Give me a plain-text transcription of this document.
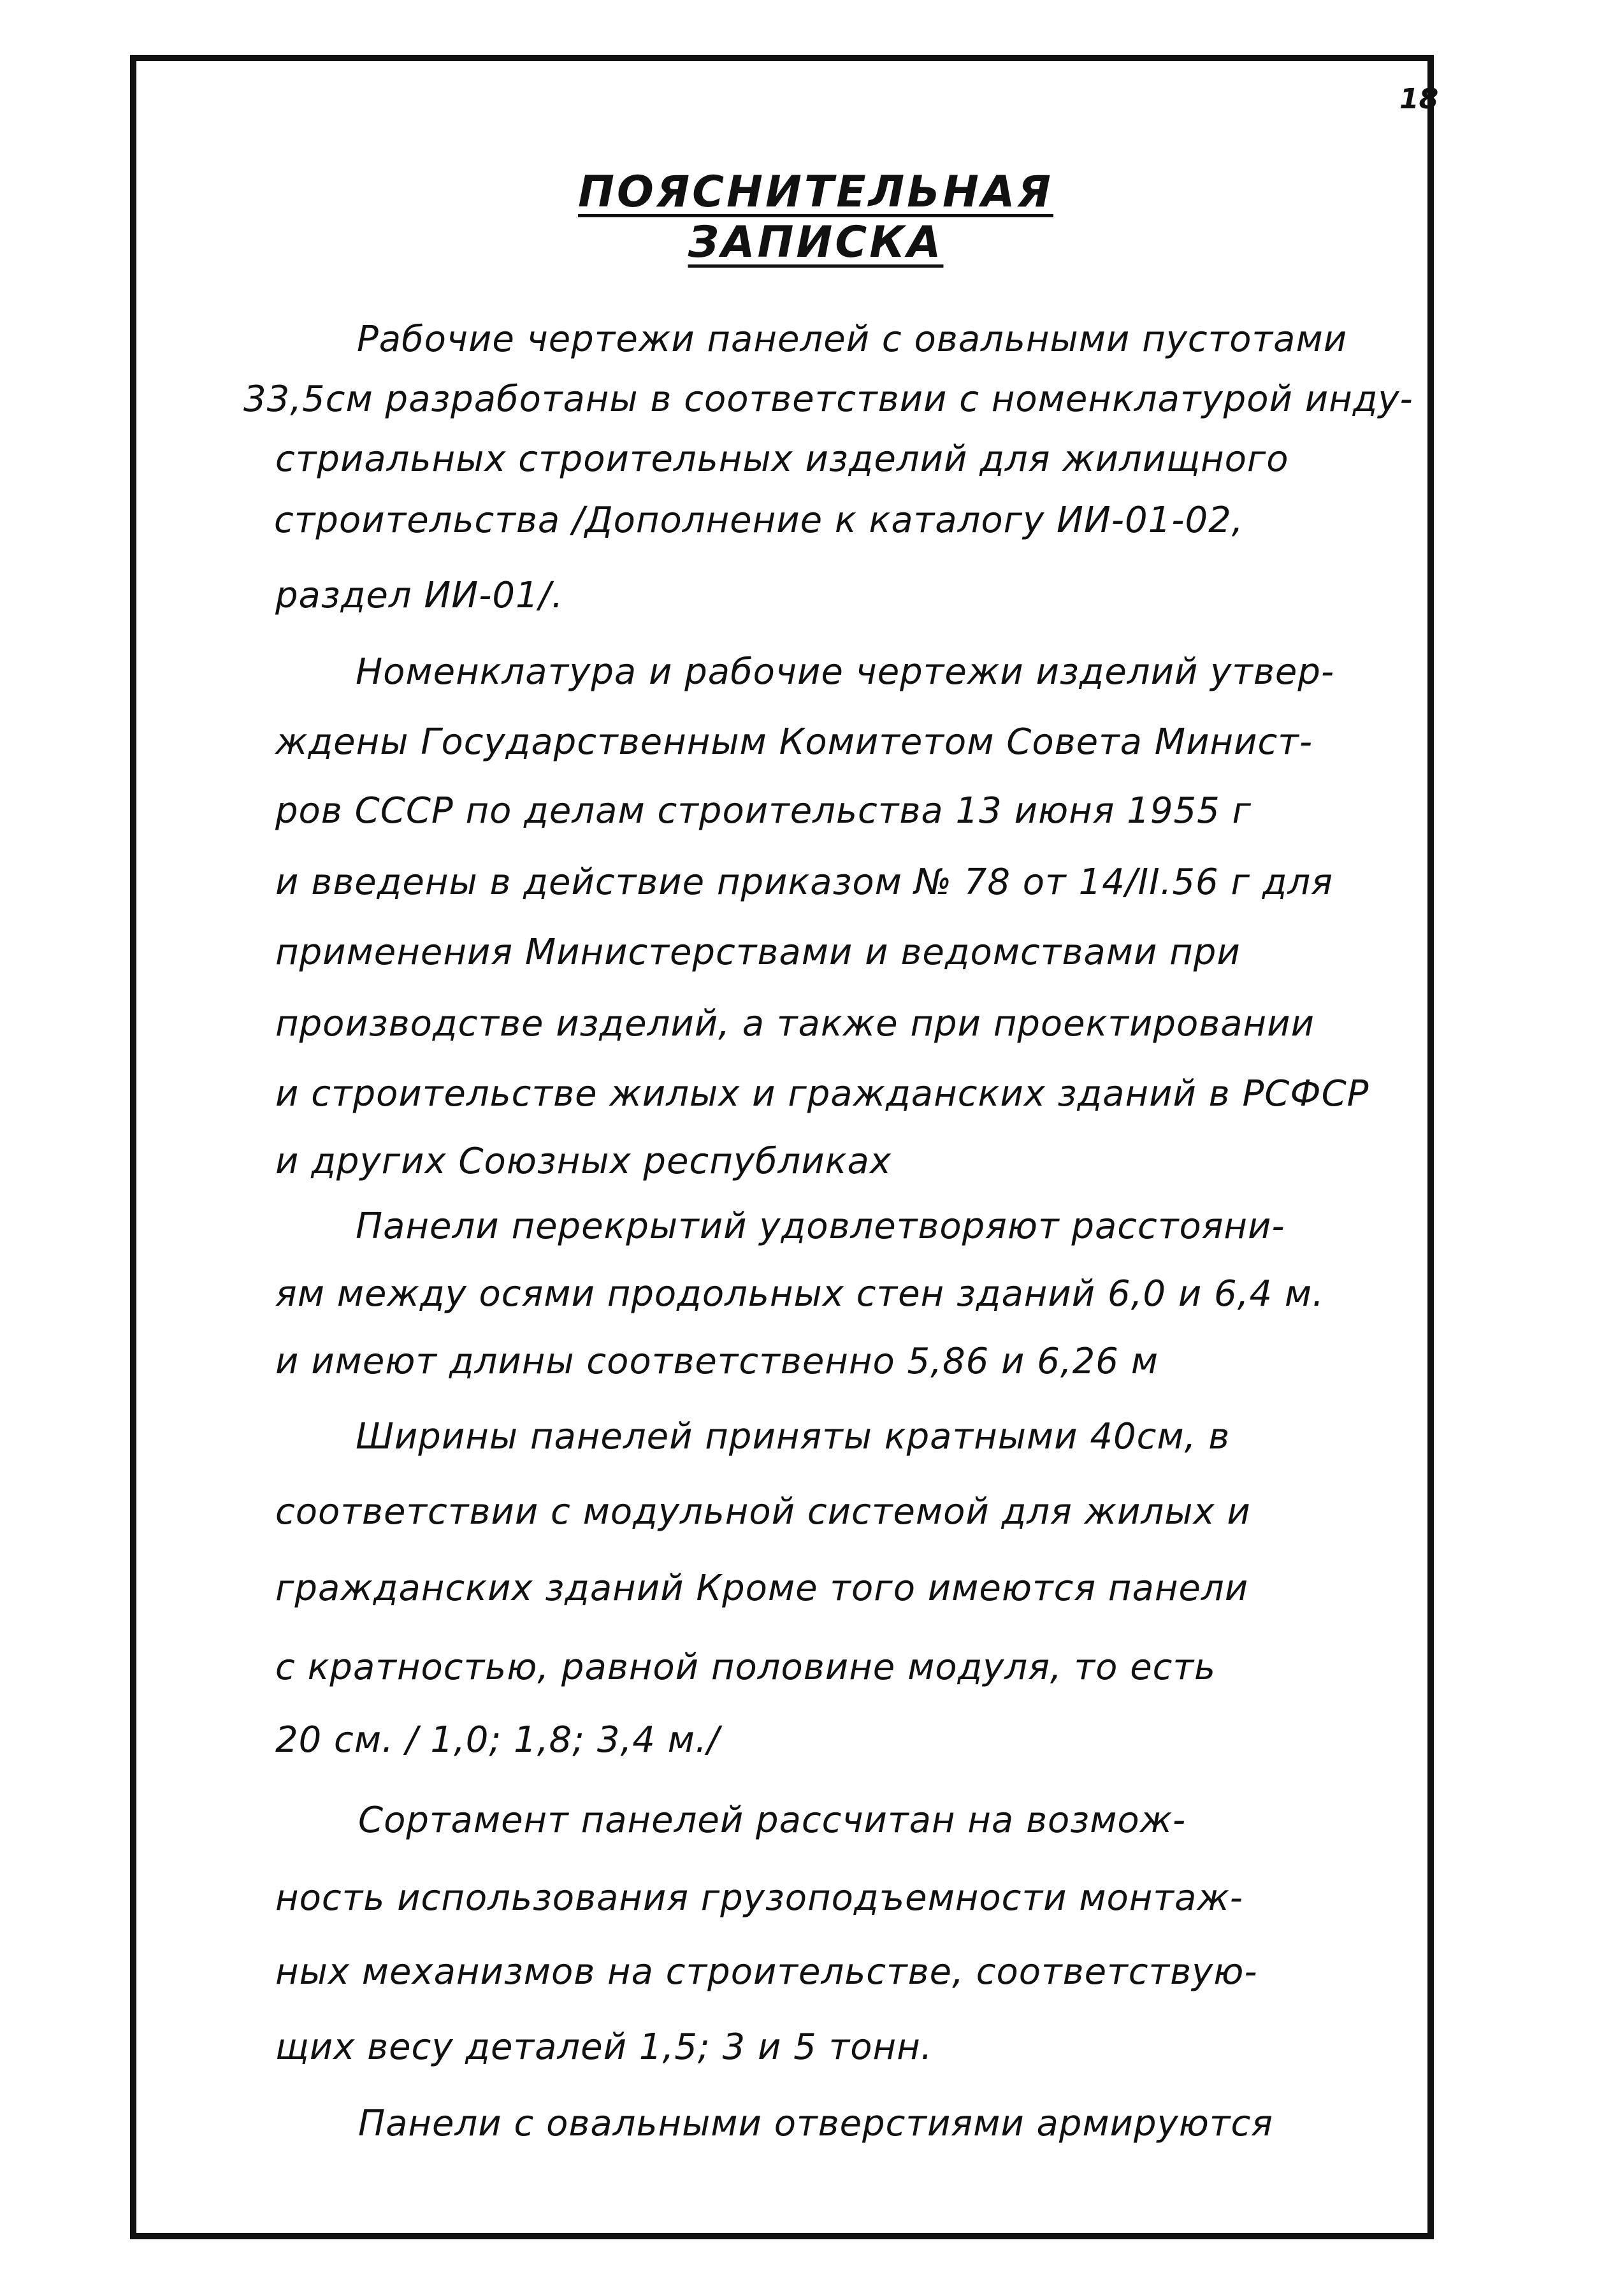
18
ПОЯСНИТЕЛЬНАЯ ЗАПИСКА
Рабочие чертежи панелей с овальными пустотами
33,5см разработаны в соответствии с номенклатурой инду-
стриальных строительных изделий для жилищного
строительства /Дополнение к каталогу ИИ-01-02,
раздел ИИ-01/.
Номенклатура и рабочие чертежи изделий утвер-
ждены Государственным Комитетом Совета Минист-
ров СССР по делам строительства 13 июня 1955 г
и введены в действие приказом № 78 от 14/II.56 г для
применения Министерствами и ведомствами при
производстве изделий, а также при проектировании
и строительстве жилых и гражданских зданий в РСФСР
и других Союзных республиках
Панели перекрытий удовлетворяют расстояни-
ям между осями продольных стен зданий 6,0 и 6,4 м.
и имеют длины соответственно 5,86 и 6,26 м
Ширины панелей приняты кратными 40см, в
соответствии с модульной системой для жилых и
гражданских зданий Кроме того имеются панели
с кратностью, равной половине модуля, то есть
20 см. / 1,0; 1,8; 3,4 м./
Сортамент панелей рассчитан на возмож-
ность использования грузоподъемности монтаж-
ных механизмов на строительстве, соответствую-
щих весу деталей 1,5; 3 и 5 тонн.
Панели с овальными отверстиями армируются
